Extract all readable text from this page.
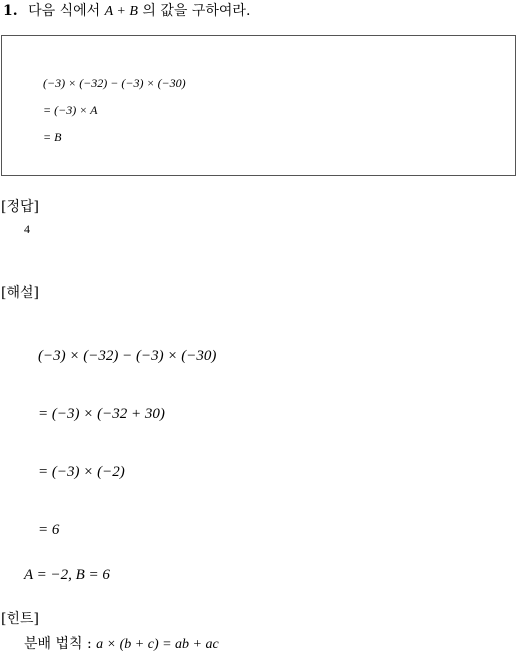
1. 다음 식에서 A + B 의 값을 구하여라.
(−3) × (−32) − (−3) × (−30)
= (−3) × A
= B
[정답]
4
[해설]
(−3) × (−32) − (−3) × (−30)
= (−3) × (−32 + 30)
= (−3) × (−2)
= 6
A = −2, B = 6
[힌트]
분배 법칙 : a × (b + c) = ab + ac
